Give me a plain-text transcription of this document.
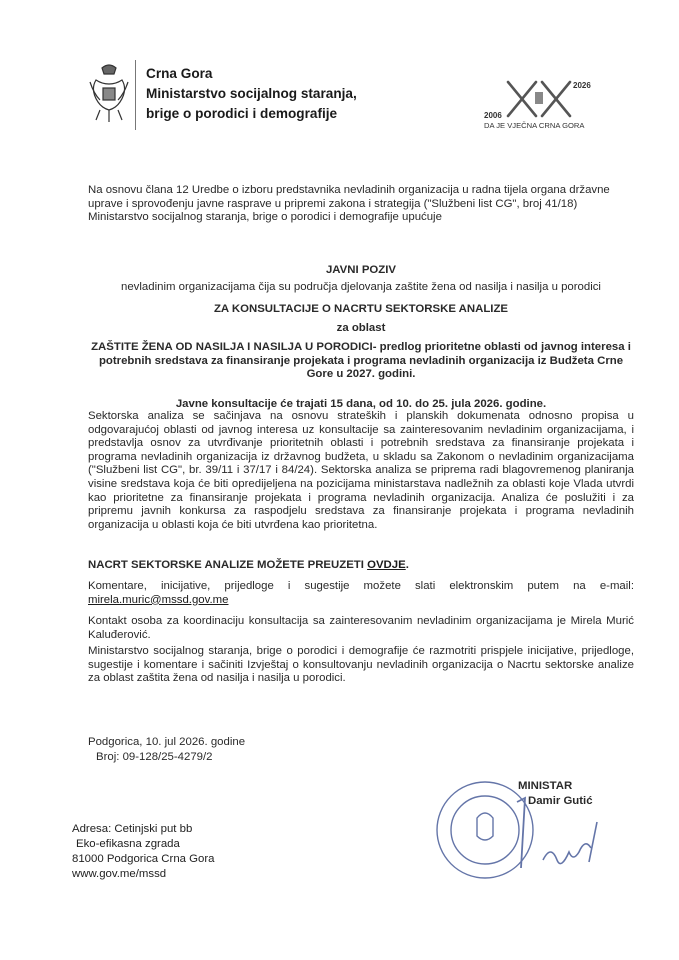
Crna Gora
Ministarstvo socijalnog staranja,
brige o porodici i demografije	2006
2026
DA JE VJEČNA CRNA GORA

Na osnovu člana 12 Uredbe o izboru predstavnika nevladinih organizacija u radna tijela organa državne uprave i sprovođenju javne rasprave u pripremi zakona i strategija ("Službeni list CG", broj 41/18) Ministarstvo socijalnog staranja, brige o porodici i demografije upućuje

JAVNI POZIV
nevladinim organizacijama čija su područja djelovanja zaštite žena od nasilja i nasilja u porodici
ZA KONSULTACIJE O NACRTU SEKTORSKE ANALIZE
za oblast
ZAŠTITE ŽENA OD NASILJA I NASILJA U PORODICI- predlog prioritetne oblasti od javnog interesa i potrebnih sredstava za finansiranje projekata i programa nevladinih organizacija iz Budžeta Crne Gore u 2027. godini.
Javne konsultacije će trajati 15 dana, od 10. do 25. jula 2026. godine.

Sektorska analiza se sačinjava na osnovu strateških i planskih dokumenata odnosno propisa u odgovarajućoj oblasti od javnog interesa uz konsultacije sa zainteresovanim nevladinim organizacijama, i predstavlja osnov za utvrđivanje prioritetnih oblasti i potrebnih sredstava za finansiranje projekata i programa nevladinih organizacija iz državnog budžeta, u skladu sa Zakonom o nevladinim organizacijama ("Službeni list CG", br. 39/11 i 37/17 i 84/24). Sektorska analiza se priprema radi blagovremenog planiranja visine sredstava koja će biti opredijeljena na pozicijama ministarstava nadležnih za oblasti koje Vlada utvrdi kao prioritetne za finansiranje projekata i programa nevladinih organizacija. Analiza će poslužiti i za pripremu javnih konkursa za raspodjelu sredstava za finansiranje projekata i programa nevladinih organizacija u oblasti koja će biti utvrđena kao prioritetna.

NACRT SEKTORSKE ANALIZE MOŽETE PREUZETI OVDJE.

Komentare, inicijative, prijedloge i sugestije možete slati elektronskim putem na e-mail: mirela.muric@mssd.gov.me

Kontakt osoba za koordinaciju konsultacija sa zainteresovanim nevladinim organizacijama je Mirela Murić Kaluđerović.

Ministarstvo socijalnog staranja, brige o porodici i demografije će razmotriti prispjele inicijative, prijedloge, sugestije i komentare i sačiniti Izvještaj o konsultovanju nevladinih organizacija o Nacrtu sektorske analize za oblast zaštita žena od nasilja i nasilja u porodici.

Podgorica, 10. jul 2026. godine
Broj: 09-128/25-4279/2
MINISTAR
Damir Gutić
Adresa: Cetinjski put bb
Eko-efikasna zgrada
81000 Podgorica Crna Gora
www.gov.me/mssd
